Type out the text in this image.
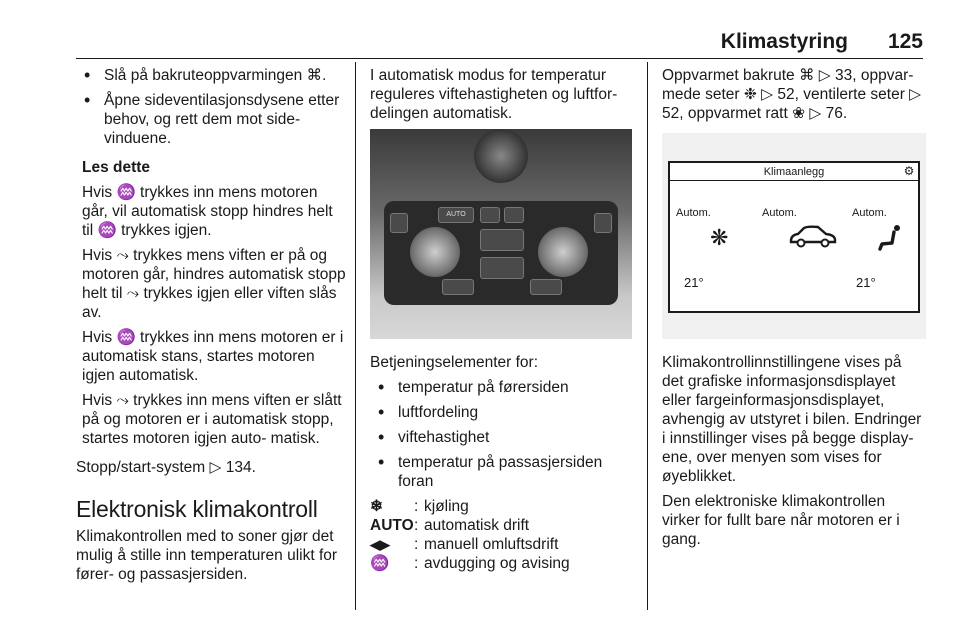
Klimastyring 125
• Slå på bakruteoppvarmingen ⌘.
• Åpne sideventilasjonsdysene etter behov, og rett dem mot side- vinduene.

Les dette

Hvis ♒ trykkes inn mens motoren går, vil automatisk stopp hindres helt til ♒ trykkes igjen.

Hvis ⤳ trykkes mens viften er på og motoren går, hindres automatisk stopp helt til ⤳ trykkes igjen eller viften slås av.

Hvis ♒ trykkes inn mens motoren er i automatisk stans, startes motoren igjen automatisk.

Hvis ⤳ trykkes inn mens viften er slått på og motoren er i automatisk stopp, startes motoren igjen auto- matisk.

Stopp/start-system ▷ 134.

Elektronisk klimakontroll

Klimakontrollen med to soner gjør det mulig å stille inn temperaturen ulikt for fører- og passasjersiden.

I automatisk modus for temperatur reguleres viftehastigheten og luftfor- delingen automatisk.

AUTO

Betjeningselementer for:

• temperatur på førersiden
• luftfordeling
• viftehastighet
• temperatur på passasjersiden foran
❄	: kjøling
AUTO : automatisk drift
◀▶	: manuell omluftsdrift
♒	: avdugging og avising

Oppvarmet bakrute ⌘ ▷ 33, oppvar- mede seter ❉ ▷ 52, ventilerte seter ▷ 52, oppvarmet ratt ❀ ▷ 76.

Klimaanlegg	⚙
Autom.	Autom.	Autom.
❋
21°	21°

Klimakontrollinnstillingene vises på det grafiske informasjonsdisplayet eller fargeinformasjonsdisplayet, avhengig av utstyret i bilen. Endringer i innstillinger vises på begge display- ene, over menyen som vises for øyeblikket.

Den elektroniske klimakontrollen virker for fullt bare når motoren er i gang.
